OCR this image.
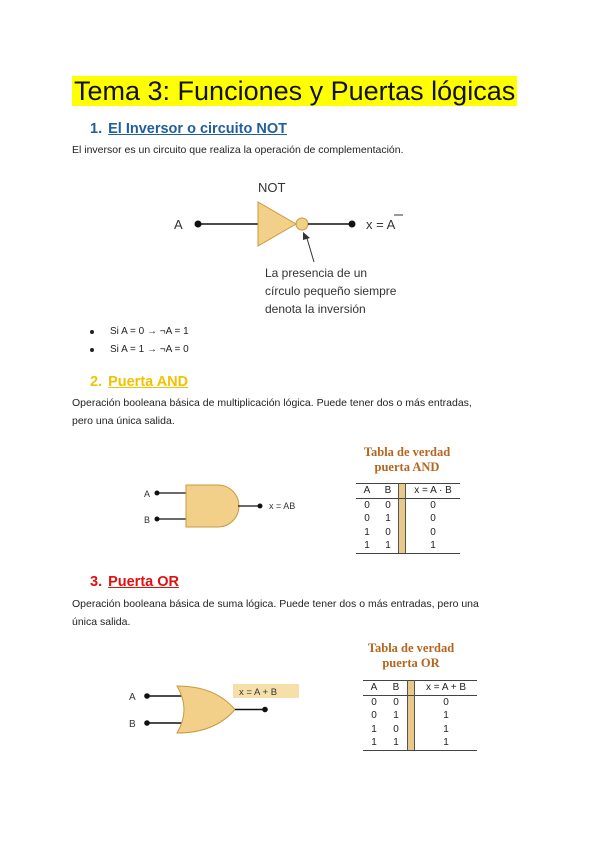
Tema 3: Funciones y Puertas lógicas
1. El Inversor o circuito NOT
El inversor es un circuito que realiza la operación de complementación.
NOT
A	x = A
La presencia de un
círculo pequeño siempre
denota la inversión
Si A = 0 → ¬A = 1
Si A = 1 → ¬A = 0
2. Puerta AND
Operación booleana básica de multiplicación lógica. Puede tener dos o más entradas,
pero una única salida.
A
B
x = AB
Tabla de verdad
puerta AND
A	B		x = A · B
0	0		0
0	1		0
1	0		0
1	1		1
3. Puerta OR
Operación booleana básica de suma lógica. Puede tener dos o más entradas, pero una
única salida.
A
B
x = A + B
Tabla de verdad
puerta OR
A	B		x = A + B
0	0		0
0	1		1
1	0		1
1	1		1
